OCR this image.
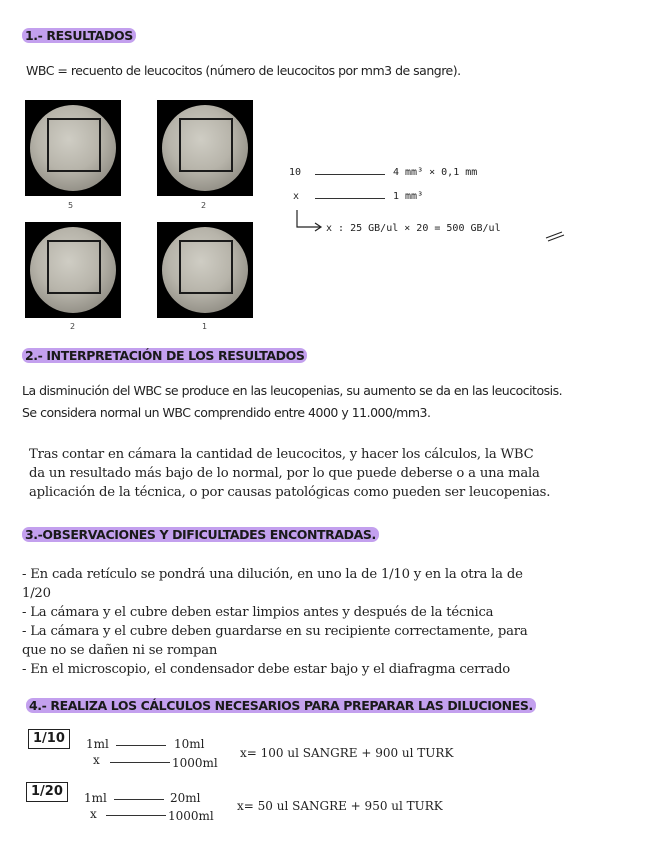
1.- RESULTADOS
WBC = recuento de leucocitos (número de leucocitos por mm3 de sangre).
5	2
2	1
10	4 mm³ × 0,1 mm
x	1 mm³
x : 25 GB/ul × 20 = 500 GB/ul
2.- INTERPRETACIÓN DE LOS RESULTADOS
La disminución del WBC se produce en las leucopenias, su aumento se da en las leucocitosis.
Se considera normal un WBC comprendido entre 4000 y 11.000/mm3.
Tras contar en cámara la cantidad de leucocitos, y hacer los cálculos, la WBC
da un resultado más bajo de lo normal, por lo que puede deberse o a una mala
aplicación de la técnica, o por causas patológicas como pueden ser leucopenias.
3.-OBSERVACIONES Y DIFICULTADES ENCONTRADAS.
- En cada retículo se pondrá una dilución, en uno la de 1/10 y en la otra la de
1/20
- La cámara y el cubre deben estar limpios antes y después de la técnica
- La cámara y el cubre deben guardarse en su recipiente correctamente, para
que no se dañen ni se rompan
- En el microscopio, el condensador debe estar bajo y el diafragma cerrado
4.- REALIZA LOS CÁLCULOS NECESARIOS PARA PREPARAR LAS DILUCIONES.
1/10	1ml	10ml
x	1000ml
x= 100 ul SANGRE + 900 ul TURK
1/20	1ml	20ml
x	1000ml
x= 50 ul SANGRE + 950 ul TURK
